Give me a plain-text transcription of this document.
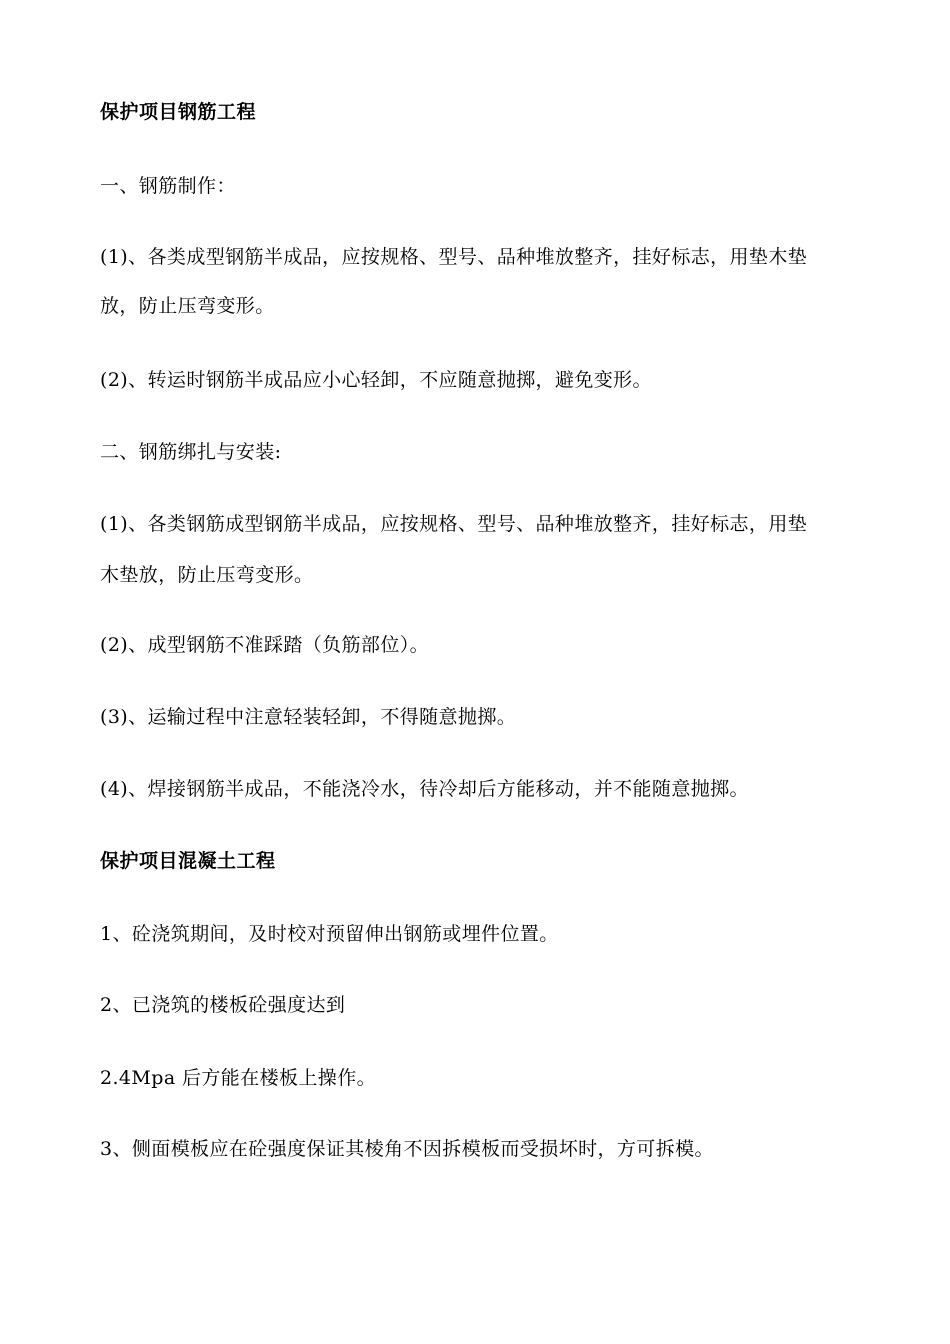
保护项目钢筋工程
一、钢筋制作：
(1)、各类成型钢筋半成品，应按规格、型号、品种堆放整齐，挂好标志，用垫木垫
放，防止压弯变形。
(2)、转运时钢筋半成品应小心轻卸，不应随意抛掷，避免变形。
二、钢筋绑扎与安装:
(1)、各类钢筋成型钢筋半成品，应按规格、型号、品种堆放整齐，挂好标志，用垫
木垫放，防止压弯变形。
(2)、成型钢筋不准踩踏（负筋部位）。
(3)、运输过程中注意轻装轻卸，不得随意抛掷。
(4)、焊接钢筋半成品，不能浇冷水，待冷却后方能移动，并不能随意抛掷。
保护项目混凝土工程
1、砼浇筑期间，及时校对预留伸出钢筋或埋件位置。
2、已浇筑的楼板砼强度达到
2.4Mpa 后方能在楼板上操作。
3、侧面模板应在砼强度保证其棱角不因拆模板而受损坏时，方可拆模。
